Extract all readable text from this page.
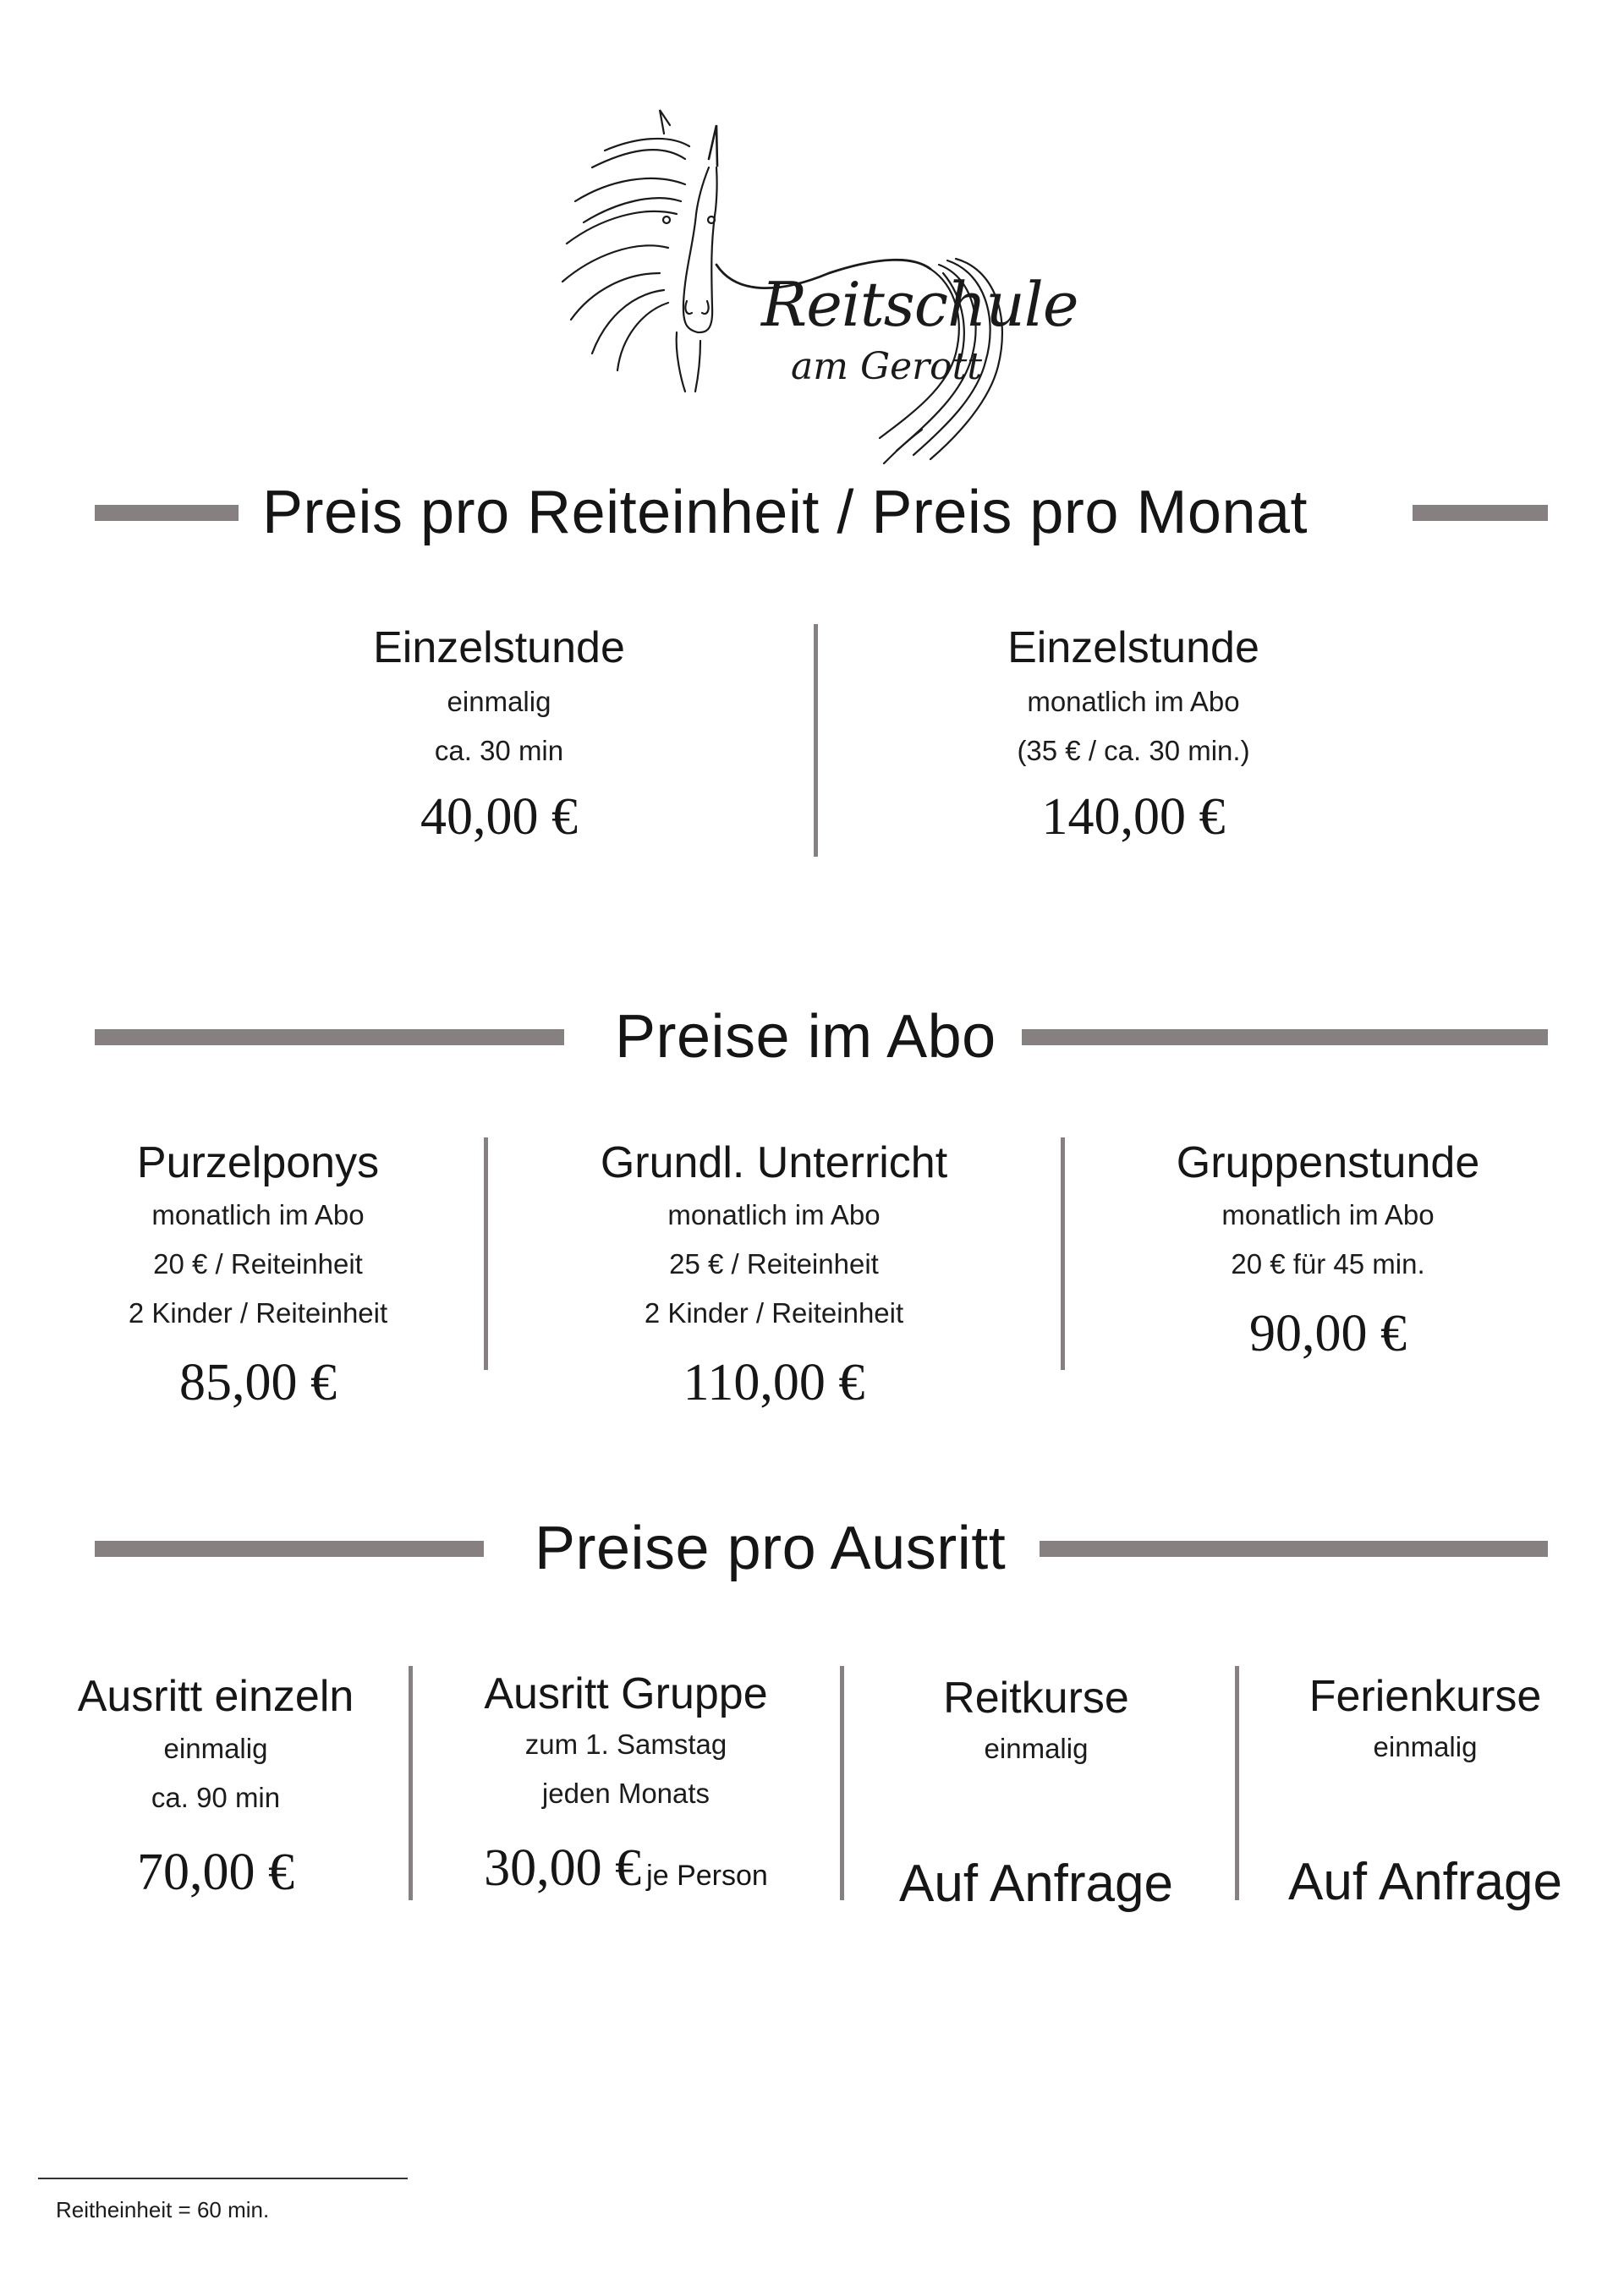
Reitschule
am Gerott
Preis pro Reiteinheit / Preis pro Monat
Einzelstunde
einmalig
ca. 30 min
40,00 €
Einzelstunde
monatlich im Abo
(35 € / ca. 30 min.)
140,00 €
Preise im Abo
Purzelponys
monatlich im Abo
20 € / Reiteinheit
2 Kinder / Reiteinheit
85,00 €
Grundl. Unterricht
monatlich im Abo
25 € / Reiteinheit
2 Kinder / Reiteinheit
110,00 €
Gruppenstunde
monatlich im Abo
20 € für 45 min.
90,00 €
Preise pro Ausritt
Ausritt einzeln
einmalig
ca. 90 min
70,00 €
Ausritt Gruppe
zum 1. Samstag
jeden Monats
30,00 € je Person
Reitkurse
einmalig
Auf Anfrage
Ferienkurse
einmalig
Auf Anfrage
Reitheinheit = 60 min.
